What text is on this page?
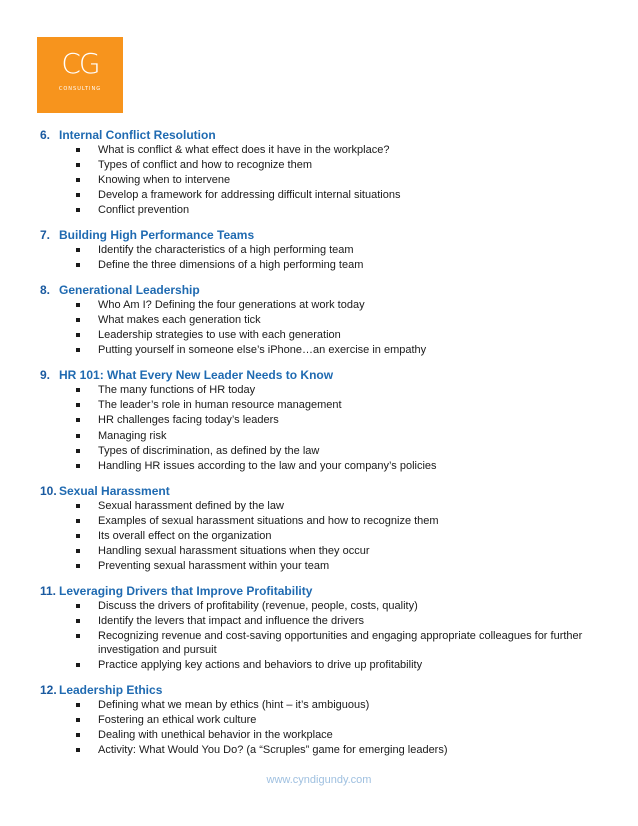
CG
CONSULTING
6. Internal Conflict Resolution
What is conflict & what effect does it have in the workplace?
Types of conflict and how to recognize them
Knowing when to intervene
Develop a framework for addressing difficult internal situations
Conflict prevention
7. Building High Performance Teams
Identify the characteristics of a high performing team
Define the three dimensions of a high performing team
8. Generational Leadership
Who Am I? Defining the four generations at work today
What makes each generation tick
Leadership strategies to use with each generation
Putting yourself in someone else’s iPhone…an exercise in empathy
9. HR 101: What Every New Leader Needs to Know
The many functions of HR today
The leader’s role in human resource management
HR challenges facing today’s leaders
Managing risk
Types of discrimination, as defined by the law
Handling HR issues according to the law and your company’s policies
10. Sexual Harassment
Sexual harassment defined by the law
Examples of sexual harassment situations and how to recognize them
Its overall effect on the organization
Handling sexual harassment situations when they occur
Preventing sexual harassment within your team
11. Leveraging Drivers that Improve Profitability
Discuss the drivers of profitability (revenue, people, costs, quality)
Identify the levers that impact and influence the drivers
Recognizing revenue and cost-saving opportunities and engaging appropriate colleagues for further investigation and pursuit
Practice applying key actions and behaviors to drive up profitability
12. Leadership Ethics
Defining what we mean by ethics (hint – it’s ambiguous)
Fostering an ethical work culture
Dealing with unethical behavior in the workplace
Activity: What Would You Do? (a “Scruples” game for emerging leaders)
www.cyndigundy.com
